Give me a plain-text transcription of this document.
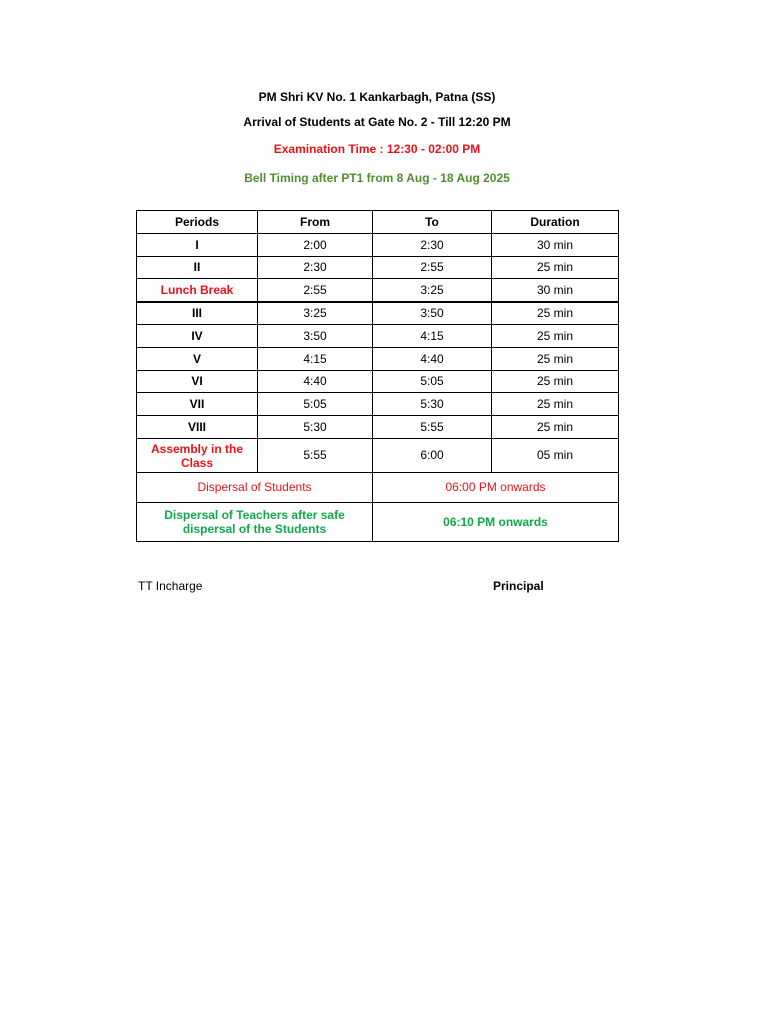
PM Shri KV No. 1 Kankarbagh, Patna (SS)
Arrival of Students at Gate No. 2 - Till 12:20 PM
Examination Time : 12:30 - 02:00 PM
Bell Timing after PT1 from 8 Aug - 18 Aug 2025
Periods	From	To	Duration
I	2:00	2:30	30 min
II	2:30	2:55	25 min
Lunch Break	2:55	3:25	30 min
III	3:25	3:50	25 min
IV	3:50	4:15	25 min
V	4:15	4:40	25 min
VI	4:40	5:05	25 min
VII	5:05	5:30	25 min
VIII	5:30	5:55	25 min
Assembly in the Class	5:55	6:00	05 min
Dispersal of Students		06:00 PM onwards	
Dispersal of Teachers after safe dispersal of the Students		06:10 PM onwards	
TT Incharge	Principal
